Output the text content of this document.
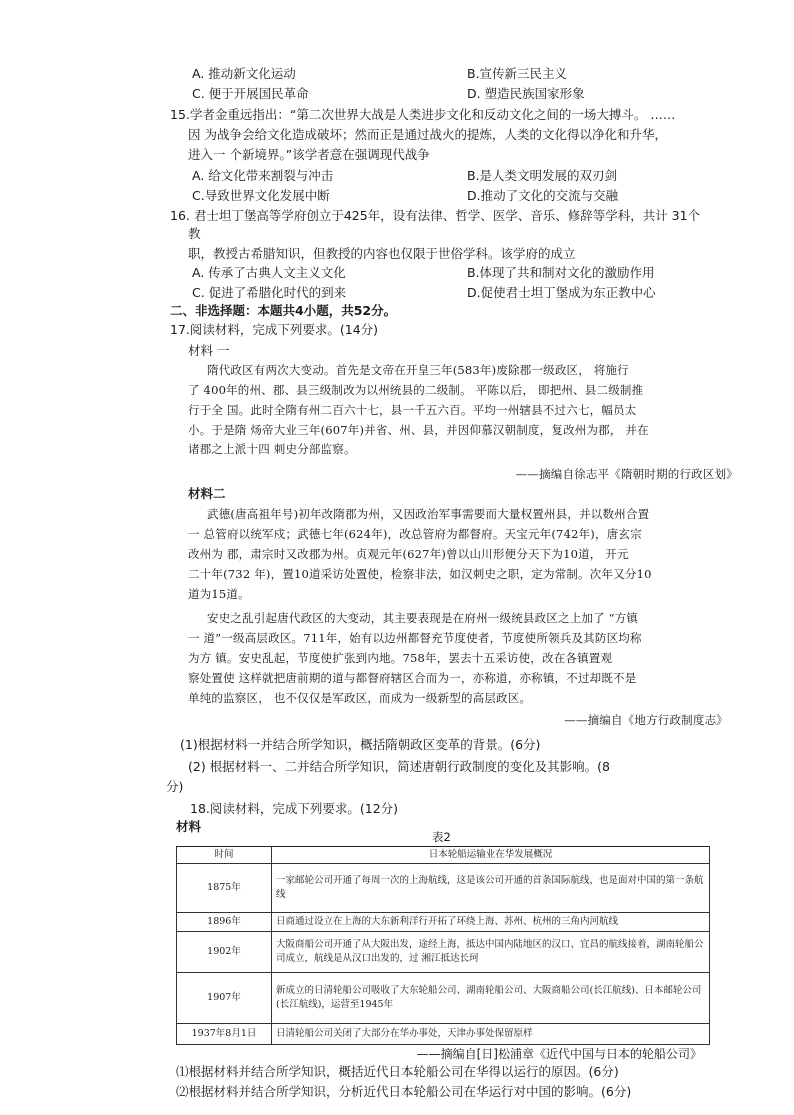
A. 推动新文化运动	B.宣传新三民主义
C. 便于开展国民革命	D. 塑造民族国家形象
15.学者金重远指出：“第二次世界大战是人类进步文化和反动文化之间的一场大搏斗。 ……
因 为战争会给文化造成破坏；然而正是通过战火的提炼，人类的文化得以净化和升华，
进入一 个新境界。”该学者意在强调现代战争
A. 给文化带来割裂与冲击	B.是人类文明发展的双刃剑
C.导致世界文化发展中断	D.推动了文化的交流与交融
16. 君士坦丁堡高等学府创立于425年，设有法律、哲学、医学、音乐、修辞等学科，共计 31个
教
职，教授古希腊知识，但教授的内容也仅限于世俗学科。该学府的成立
A. 传承了古典人文主义文化	B.体现了共和制对文化的激励作用
C. 促进了希腊化时代的到来	D.促使君士坦丁堡成为东正教中心
二、非选择题：本题共4小题，共52分。
17.阅读材料，完成下列要求。(14分)
材料 一
隋代政区有两次大变动。首先是文帝在开皇三年(583年)废除郡一级政区， 将施行
了 400年的州、郡、县三级制改为以州统县的二级制。 平陈以后， 即把州、县二级制推
行于全 国。此时全隋有州二百六十七，县一千五六百。平均一州辖县不过六七，幅员太
小。于是隋 炀帝大业三年(607年)并省、州、县，并因仰慕汉朝制度，复改州为郡， 并在
诸郡之上派十四 刺史分部监察。
——摘编自徐志平《隋朝时期的行政区划》
材料二
武德(唐高祖年号)初年改隋郡为州，又因政治军事需要而大量权置州县，并以数州合置
一 总管府以统军戍；武德七年(624年)，改总管府为都督府。天宝元年(742年)，唐玄宗
改州为 郡，肃宗时又改郡为州。贞观元年(627年)曾以山川形便分天下为10道， 开元
二十年(732 年)，置10道采访处置使，检察非法，如汉刺史之职，定为常制。次年又分10
道为15道。
安史之乱引起唐代政区的大变动，其主要表现是在府州一级统县政区之上加了 “方镇
一 道”一级高层政区。711年，始有以边州都督充节度使者，节度使所领兵及其防区均称
为方 镇。安史乱起，节度使扩张到内地。758年，罢去十五采访使，改在各镇置观
察处置使 这样就把唐前期的道与都督府辖区合而为一，亦称道，亦称镇，不过却既不是
单纯的监察区， 也不仅仅是军政区，而成为一级新型的高层政区。
——摘编自《地方行政制度志》
(1)根据材料一并结合所学知识，概括隋朝政区变革的背景。(6分)
(2) 根据材料一、二并结合所学知识，简述唐朝行政制度的变化及其影响。(8
分)
18.阅读材料，完成下列要求。(12分)
材料
表2
时间	日本轮船运输业在华发展概况
1875年	一家邮轮公司开通了每周一次的上海航线，这是该公司开通的首条国际航线，也是面对中国的第一条航线
1896年	日商通过设立在上海的大东新利洋行开拓了环绕上海、苏州、杭州的三角内河航线
1902年	大阪商船公司开通了从大阪出发，途经上海，抵达中国内陆地区的汉口、宜昌的航线接着，湖南轮船公司成立，航线是从汉口出发的，过 湘江抵达长珂
1907年	新成立的日清轮船公司吸收了大东轮船公司、湖南轮船公司、大阪商船公司(长江航线)、日本邮轮公司(长江航线)，运营至1945年
1937年8月1日	日清轮船公司关闭了大部分在华办事处，天津办事处保留原样
——摘编自[日]松浦章《近代中国与日本的轮船公司》
⑴根据材料并结合所学知识，概括近代日本轮船公司在华得以运行的原因。(6分)
⑵根据材料并结合所学知识，分析近代日本轮船公司在华运行对中国的影响。(6分)
